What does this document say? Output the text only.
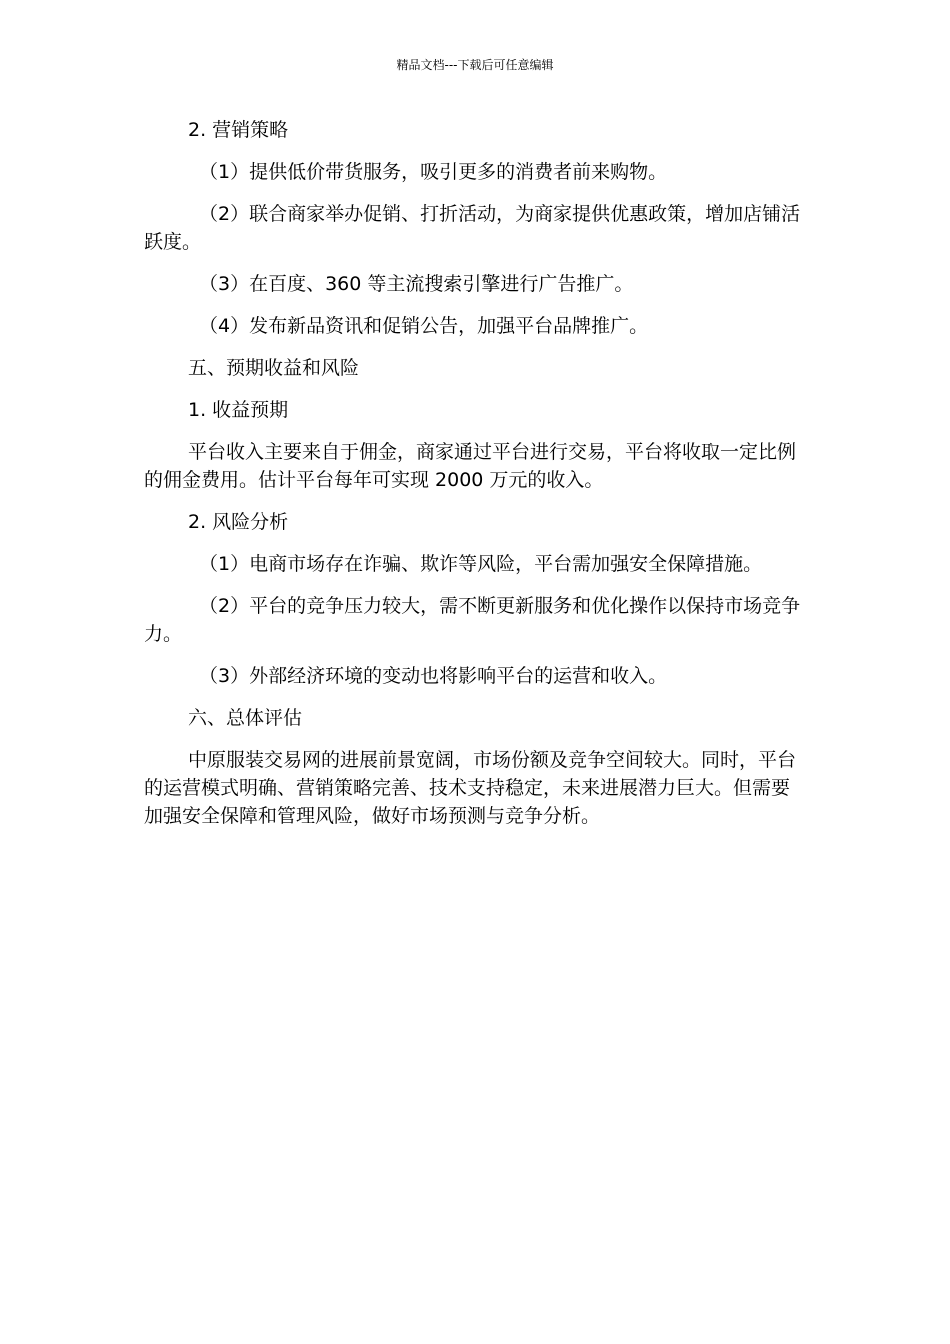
精品文档---下载后可任意编辑

2. 营销策略

（1）提供低价带货服务，吸引更多的消费者前来购物。

（2）联合商家举办促销、打折活动，为商家提供优惠政策，增加店铺活跃度。

（3）在百度、360 等主流搜索引擎进行广告推广。

（4）发布新品资讯和促销公告，加强平台品牌推广。

五、预期收益和风险

1. 收益预期

平台收入主要来自于佣金，商家通过平台进行交易，平台将收取一定比例的佣金费用。估计平台每年可实现 2000 万元的收入。

2. 风险分析

（1）电商市场存在诈骗、欺诈等风险，平台需加强安全保障措施。

（2）平台的竞争压力较大，需不断更新服务和优化操作以保持市场竞争力。

（3）外部经济环境的变动也将影响平台的运营和收入。

六、总体评估

中原服装交易网的进展前景宽阔，市场份额及竞争空间较大。同时，平台的运营模式明确、营销策略完善、技术支持稳定，未来进展潜力巨大。但需要加强安全保障和管理风险，做好市场预测与竞争分析。
